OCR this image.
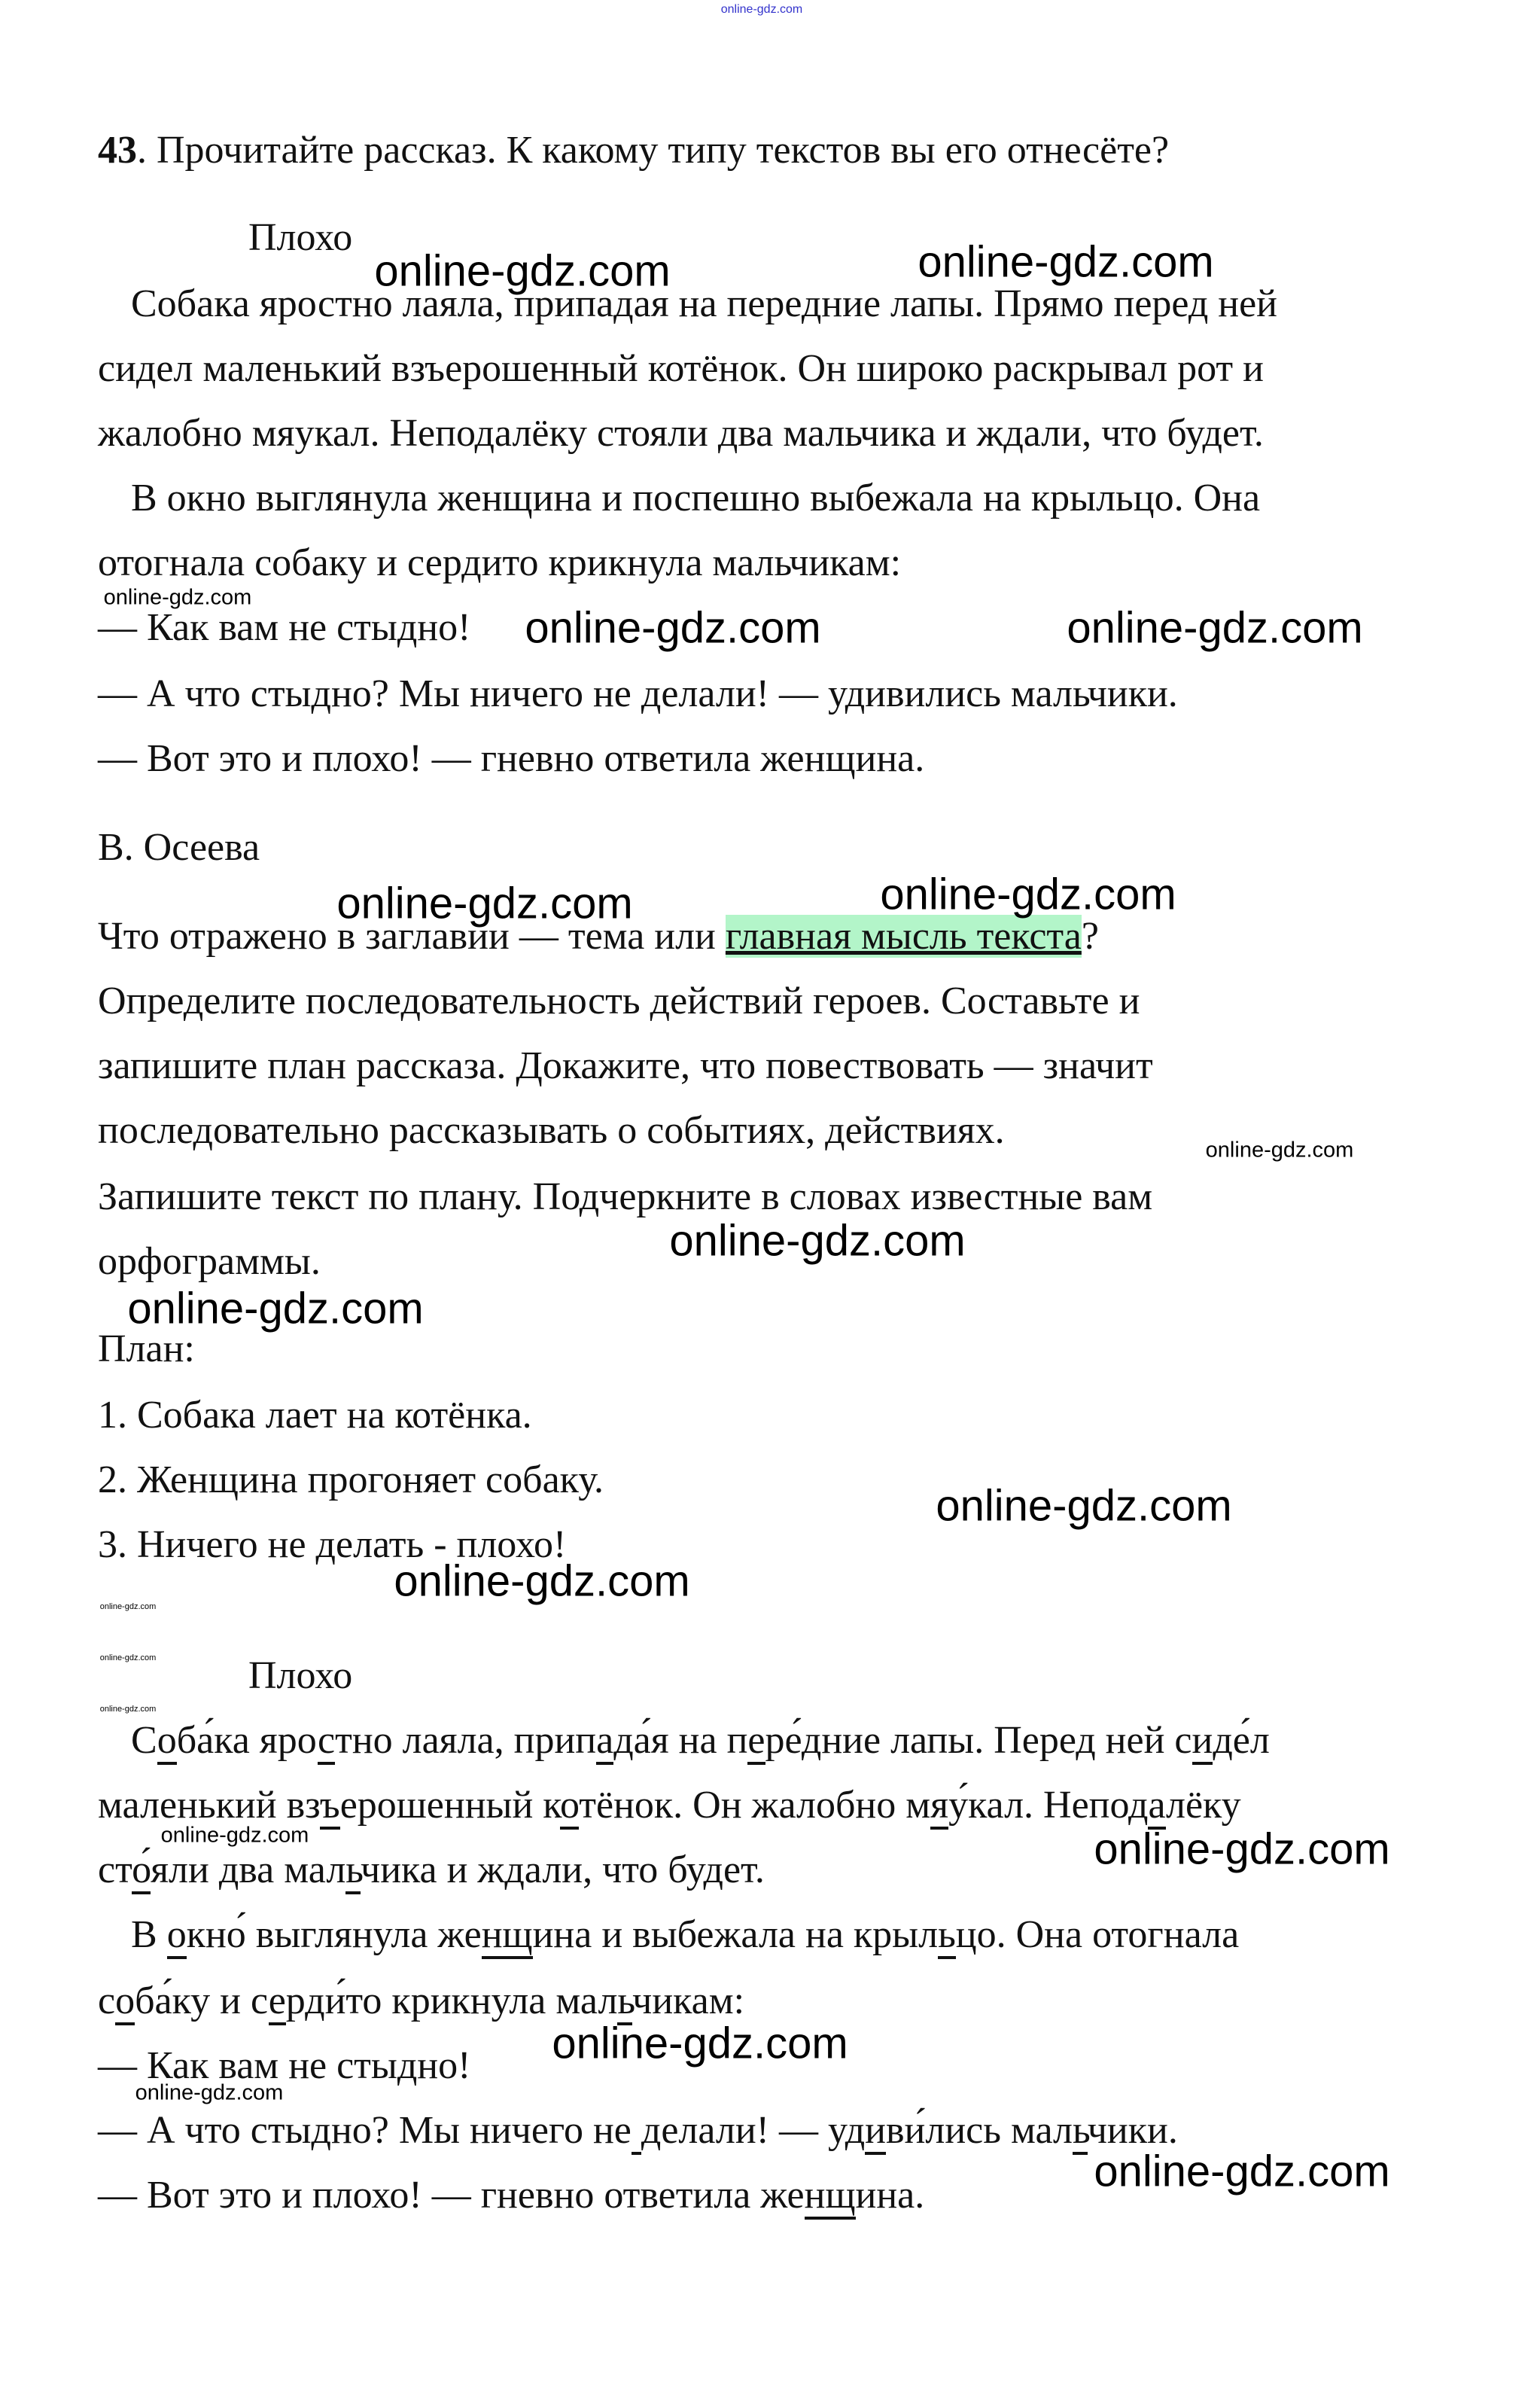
online-gdz.com
43. Прочитайте рассказ. К какому типу текстов вы его отнесёте?
Плохо
Собака яростно лаяла, припадая на передние лапы. Прямо перед ней
сидел маленький взъерошенный котёнок. Он широко раскрывал рот и
жалобно мяукал. Неподалёку стояли два мальчика и ждали, что будет.
В окно выглянула женщина и поспешно выбежала на крыльцо. Она
отогнала собаку и сердито крикнула мальчикам:
— Как вам не стыдно!
— А что стыдно? Мы ничего не делали! — удивились мальчики.
— Вот это и плохо! — гневно ответила женщина.
В. Осеева
Что отражено в заглавии — тема или главная мысль текста?
Определите последовательность действий героев. Составьте и
запишите план рассказа. Докажите, что повествовать — значит
последовательно рассказывать о событиях, действиях.
Запишите текст по плану. Подчеркните в словах известные вам
орфограммы.
План:
1. Собака лает на котёнка.
2. Женщина прогоняет собаку.
3. Ничего не делать - плохо!
Плохо
Соба́ка яростно лаяла, припада́я на пере́дние лапы. Перед ней сиде́л
маленький взъерошенный котёнок. Он жалобно мяу́кал. Неподалёку
сто́яли два мальчика и ждали, что будет.
В окно́ выглянула женщина и выбежала на крыльцо. Она отогнала
соба́ку и серди́то крикнула мальчикам:
— Как вам не стыдно!
— А что стыдно? Мы ничего не делали! — удиви́лись мальчики.
— Вот это и плохо! — гневно ответила женщина.
online-gdz.com	online-gdz.com
online-gdz.com
online-gdz.com	online-gdz.com
online-gdz.com	online-gdz.com
online-gdz.com
online-gdz.com
online-gdz.com
online-gdz.com
online-gdz.com
online-gdz.com
online-gdz.com
online-gdz.com
online-gdz.com	online-gdz.com
online-gdz.com
online-gdz.com
online-gdz.com
